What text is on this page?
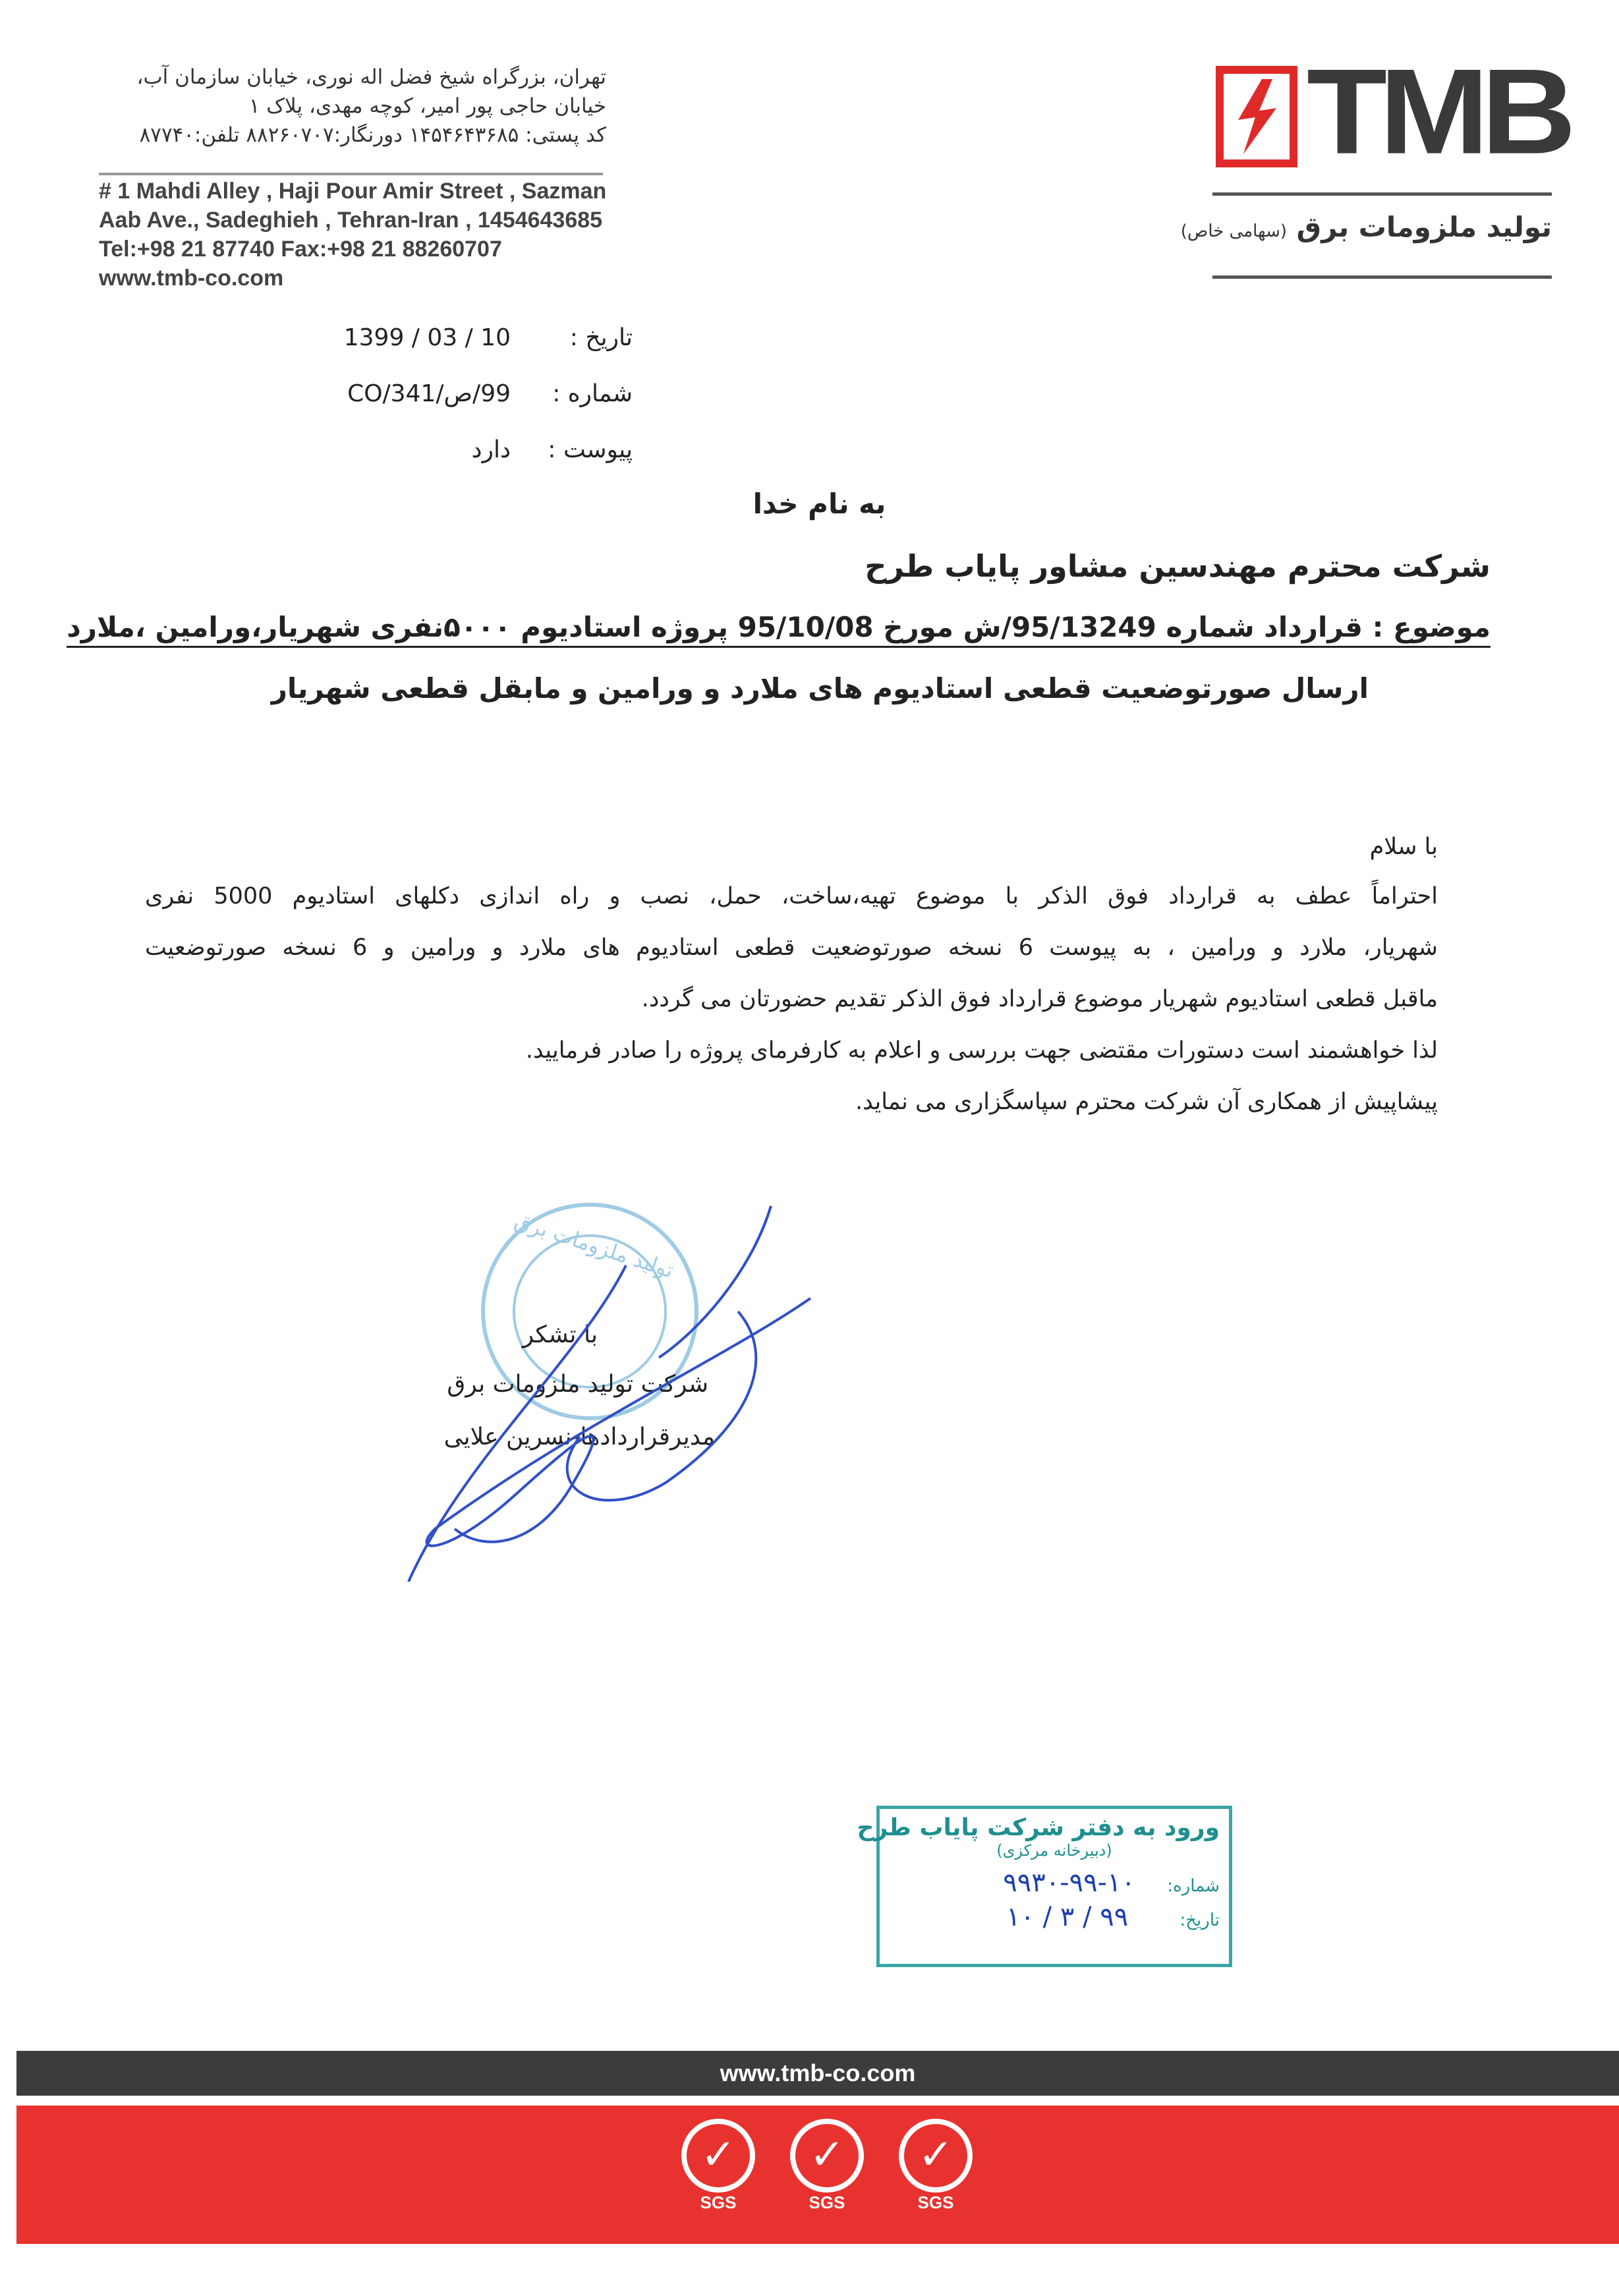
تهران، بزرگراه شیخ فضل اله نوری، خیابان سازمان آب،
خیابان حاجی پور امیر، کوچه مهدی، پلاک ۱
کد پستی: ۱۴۵۴۶۴۳۶۸۵ دورنگار:۸۸۲۶۰۷۰۷ تلفن:۸۷۷۴۰
# 1 Mahdi Alley , Haji Pour Amir Street , Sazman
Aab Ave., Sadeghieh , Tehran-Iran , 1454643685
Tel:+98 21 87740 Fax:+98 21 88260707
www.tmb-co.com
TMB
تولید ملزومات برق (سهامی خاص)
تاریخ :
1399 / 03 / 10
شماره :
99/ص/CO/341
پیوست :
دارد
به نام خدا
شرکت محترم مهندسین مشاور پایاب طرح
موضوع : قرارداد شماره 95/13249/ش مورخ 95/10/08 پروژه استادیوم ۵۰۰۰نفری شهریار،ورامین ،ملارد
ارسال صورتوضعیت قطعی استادیوم های ملارد و ورامین و مابقل قطعی شهریار
با سلام
احتراماً عطف به قرارداد فوق الذکر با موضوع تهیه،ساخت، حمل، نصب و راه اندازی دکلهای استادیوم 5000 نفری
شهریار، ملارد و ورامین ، به پیوست 6 نسخه صورتوضعیت قطعی استادیوم های ملارد و ورامین و 6 نسخه صورتوضعیت
ماقبل قطعی استادیوم شهریار موضوع قرارداد فوق الذکر تقدیم حضورتان می گردد.
لذا خواهشمند است دستورات مقتضی جهت بررسی و اعلام به کارفرمای پروژه را صادر فرمایید.
پیشاپیش از همکاری آن شرکت محترم سپاسگزاری می نماید.
تولید ملزومات برق
با تشکر
شرکت تولید ملزومات برق
مدیرقراردادها-نسرین علایی
ورود به دفتر شرکت پایاب طرح
(دبیرخانه مرکزی)
شماره: ۱۰-۹۹-۹۹۳۰
تاریخ: ۹۹ / ۳ / ۱۰
www.tmb-co.com
✓
SGS
✓
SGS
✓
SGS
